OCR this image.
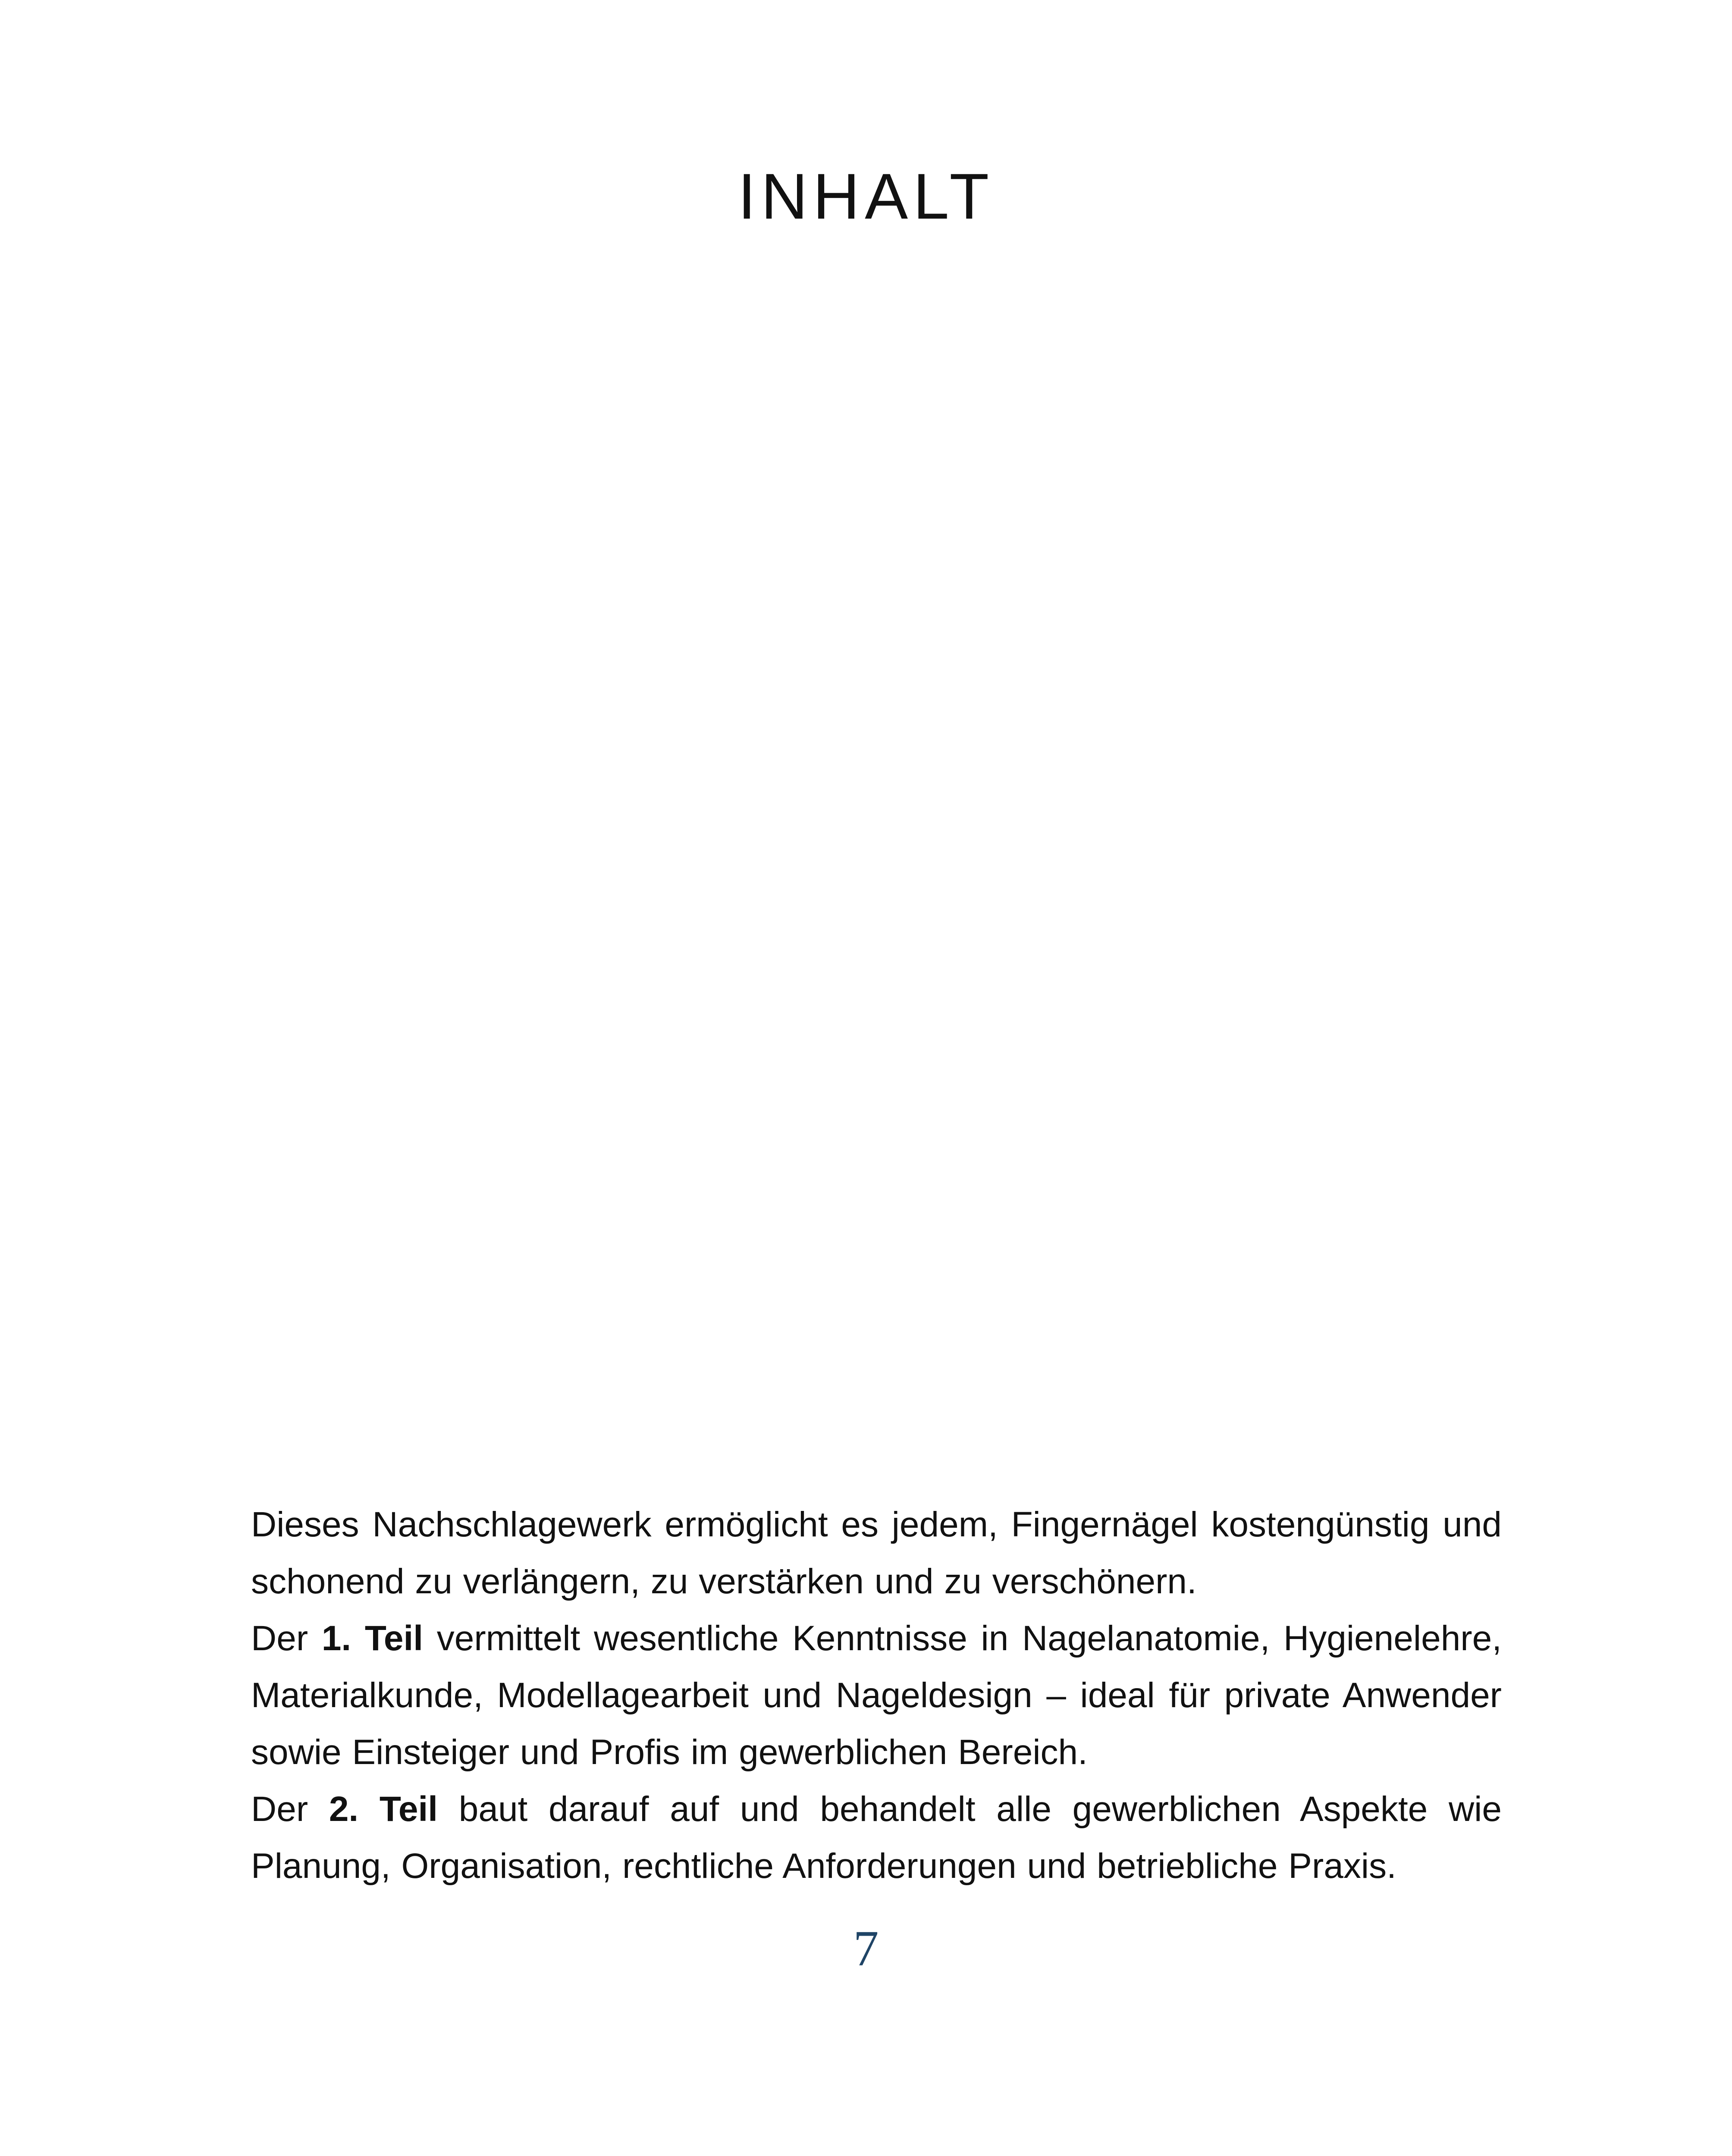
INHALT

Dieses Nachschlagewerk ermöglicht es jedem, Fingernägel kostengünstig und schonend zu verlängern, zu verstärken und zu verschönern.

Der 1. Teil vermittelt wesentliche Kenntnisse in Nagelanatomie, Hygienelehre, Materialkunde, Modellagearbeit und Nageldesign – ideal für private Anwender sowie Einsteiger und Profis im gewerblichen Bereich.

Der 2. Teil baut darauf auf und behandelt alle gewerblichen Aspekte wie Planung, Organisation, rechtliche Anforderungen und betriebliche Praxis.

7
